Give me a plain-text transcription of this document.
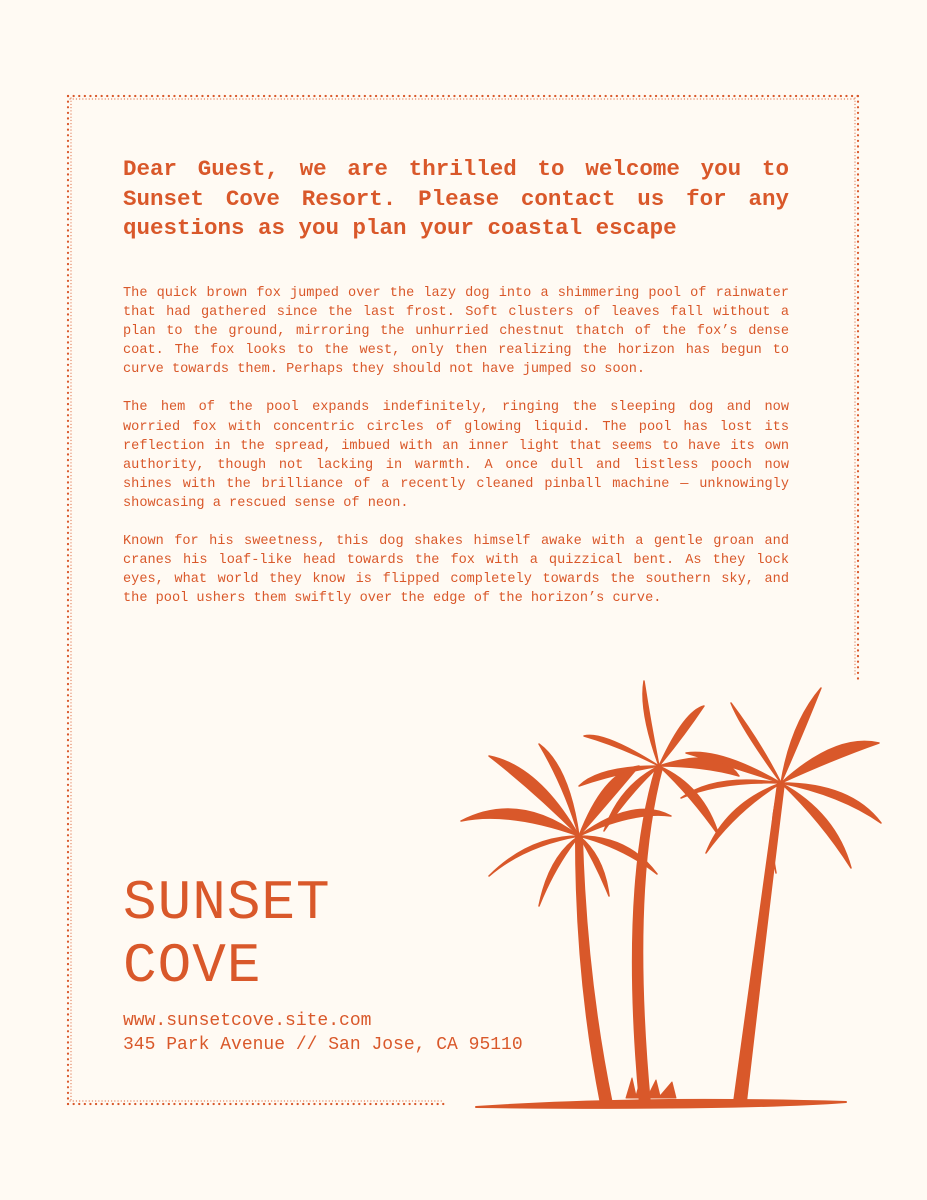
Dear Guest, we are thrilled to welcome you to Sunset Cove Resort. Please contact us for any
questions as you plan your coastal escape

The quick brown fox jumped over the lazy dog into a shimmering pool of rainwater that had gathered since the last frost. Soft clusters of leaves fall without a plan to the ground, mirroring the unhurried chestnut thatch of the fox’s dense coat. The fox looks to the west, only then realizing the horizon has begun to curve towards them. Perhaps they should not have jumped so soon.

The hem of the pool expands indefinitely, ringing the sleeping dog and now worried fox with concentric circles of glowing liquid. The pool has lost its reflection in the spread, imbued with an inner light that seems to have its own authority, though not lacking in warmth. A once dull and listless pooch now shines with the brilliance of a recently cleaned pinball machine — unknowingly showcasing a rescued sense of neon.

Known for his sweetness, this dog shakes himself awake with a gentle groan and cranes his loaf-like head towards the fox with a quizzical bent. As they lock eyes, what world they know is flipped completely towards the southern sky, and the pool ushers them swiftly over the edge of the horizon’s curve.

SUNSET
COVE
www.sunsetcove.site.com
345 Park Avenue // San Jose, CA 95110
